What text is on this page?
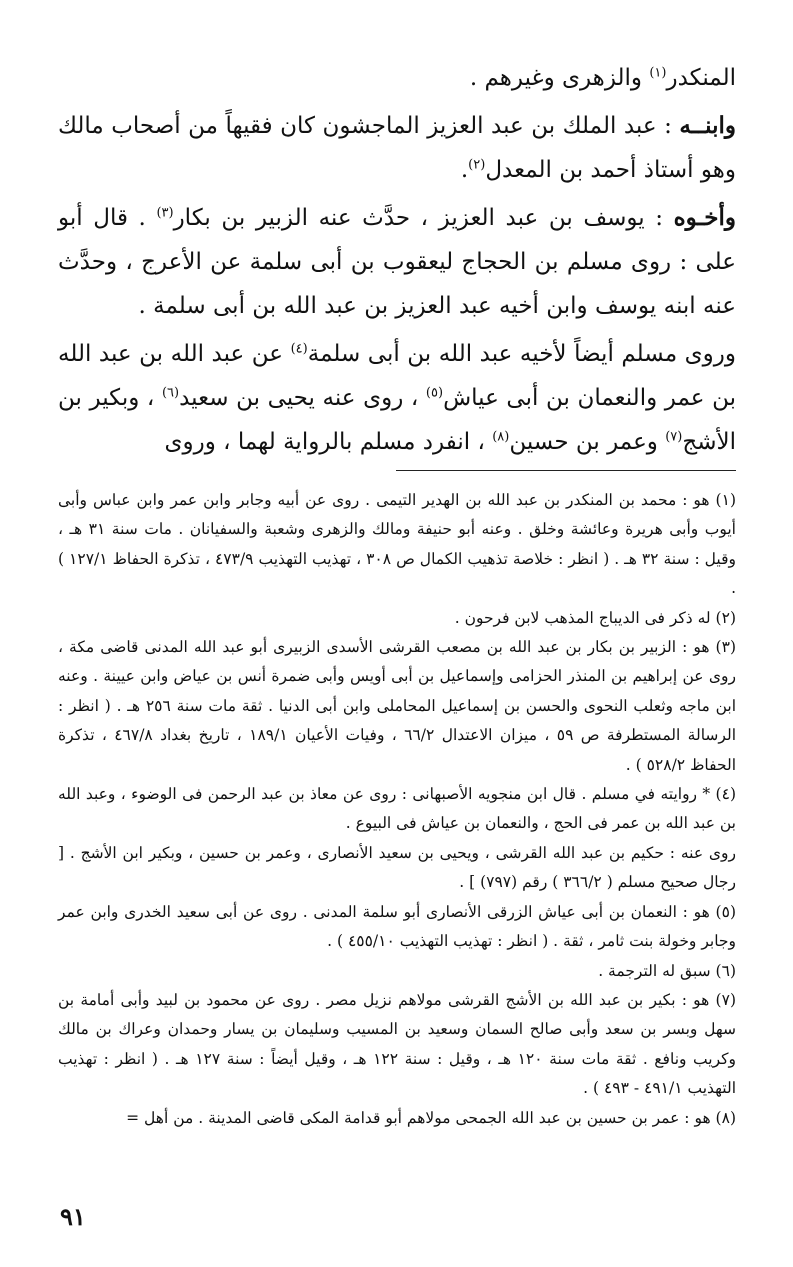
المنكدر$^{(١)}$ والزهرى وغيرهم .

وابنــه : عبد الملك بن عبد العزيز الماجشون كان فقيهاً من أصحاب مالك وهو أستاذ أحمد بن المعدل$^{(٢)}$.

وأخـوه : يوسف بن عبد العزيز ، حدَّث عنه الزبير بن بكار$^{(٣)}$ . قال أبو على : روى مسلم بن الحجاج ليعقوب بن أبى سلمة عن الأعرج ، وحدَّث عنه ابنه يوسف وابن أخيه عبد العزيز بن عبد الله بن أبى سلمة .

وروى مسلم أيضاً لأخيه عبد الله بن أبى سلمة$^{(٤)}$ عن عبد الله بن عبد الله بن عمر والنعمان بن أبى عياش$^{(٥)}$ ، روى عنه يحيى بن سعيد$^{(٦)}$ ، وبكير بن الأشج$^{(٧)}$ وعمر بن حسين$^{(٨)}$ ، انفرد مسلم بالرواية لهما ، وروى

(١) هو : محمد بن المنكدر بن عبد الله بن الهدير التيمى . روى عن أبيه وجابر وابن عمر وابن عباس وأبى أيوب وأبى هريرة وعائشة وخلق . وعنه أبو حنيفة ومالك والزهرى وشعبة والسفيانان . مات سنة ٣١ هـ ، وقيل : سنة ٣٢ هـ . ( انظر : خلاصة تذهيب الكمال ص ٣٠٨ ، تهذيب التهذيب ٤٧٣/٩ ، تذكرة الحفاظ ١٢٧/١ ) .

(٢) له ذكر فى الديباج المذهب لابن فرحون .

(٣) هو : الزبير بن بكار بن عبد الله بن مصعب القرشى الأسدى الزبيرى أبو عبد الله المدنى قاضى مكة ، روى عن إبراهيم بن المنذر الحزامى وإسماعيل بن أبى أويس وأبى ضمرة أنس بن عياض وابن عيينة . وعنه ابن ماجه وثعلب النحوى والحسن بن إسماعيل المحاملى وابن أبى الدنيا . ثقة مات سنة ٢٥٦ هـ . ( انظر : الرسالة المستطرفة ص ٥٩ ، ميزان الاعتدال ٦٦/٢ ، وفيات الأعيان ١٨٩/١ ، تاريخ بغداد ٤٦٧/٨ ، تذكرة الحفاظ ٥٢٨/٢ ) .

(٤) * روايته في مسلم . قال ابن منجويه الأصبهانى : روى عن معاذ بن عبد الرحمن فى الوضوء ، وعبد الله بن عبد الله بن عمر فى الحج ، والنعمان بن عياش فى البيوع .

روى عنه : حكيم بن عبد الله القرشى ، ويحيى بن سعيد الأنصارى ، وعمر بن حسين ، وبكير ابن الأشج . [ رجال صحيح مسلم ( ٣٦٦/٢ ) رقم (٧٩٧) ] .

(٥) هو : النعمان بن أبى عياش الزرقى الأنصارى أبو سلمة المدنى . روى عن أبى سعيد الخدرى وابن عمر وجابر وخولة بنت ثامر ، ثقة . ( انظر : تهذيب التهذيب ٤٥٥/١٠ ) .

(٦) سبق له الترجمة .

(٧) هو : بكير بن عبد الله بن الأشج القرشى مولاهم نزيل مصر . روى عن محمود بن لبيد وأبى أمامة بن سهل وبسر بن سعد وأبى صالح السمان وسعيد بن المسيب وسليمان بن يسار وحمدان وعراك بن مالك وكريب ونافع . ثقة مات سنة ١٢٠ هـ ، وقيل : سنة ١٢٢ هـ ، وقيل أيضاً : سنة ١٢٧ هـ . ( انظر : تهذيب التهذيب ٤٩١/١ - ٤٩٣ ) .

(٨) هو : عمر بن حسين بن عبد الله الجمحى مولاهم أبو قدامة المكى قاضى المدينة . من أهل =

٩١
